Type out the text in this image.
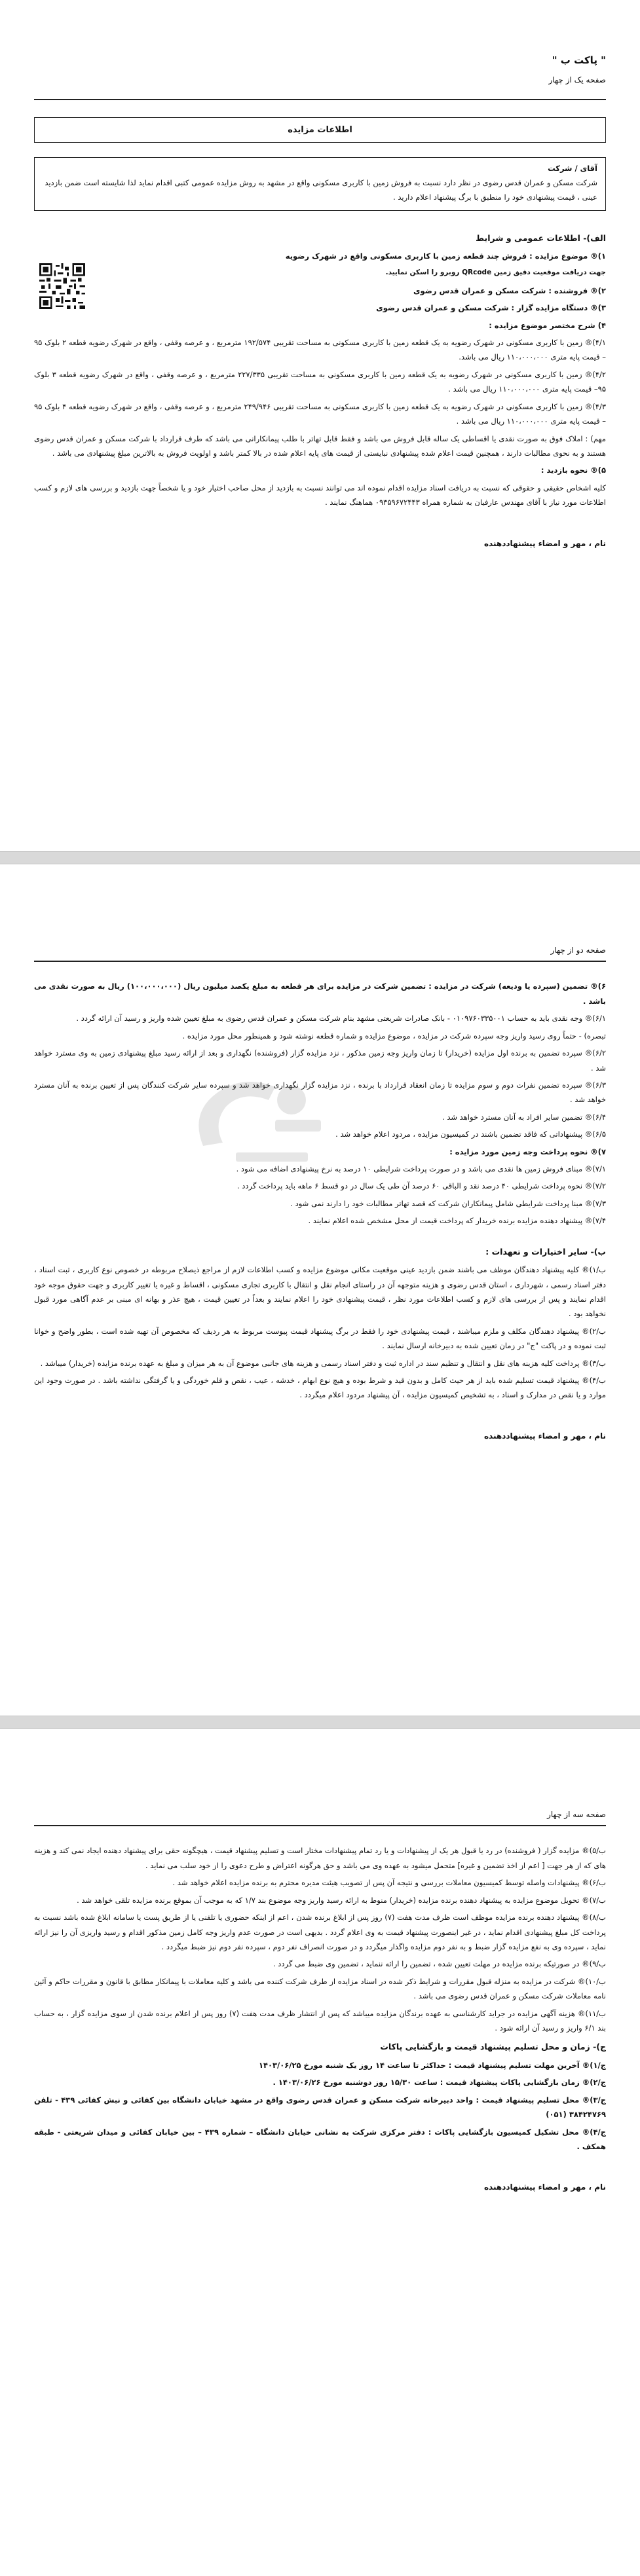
" پاکت ب "
صفحه یک از چهار
اطلاعات مزایده
آقای / شرکت
شرکت مسکن و عمران قدس رضوی در نظر دارد نسبت به فروش زمین با کاربری مسکونی واقع در مشهد به روش مزایده عمومی کتبی اقدام نماید لذا شایسته است ضمن بازدید عینی ، قیمت پیشنهادی خود را منطبق با برگ پیشنهاد اعلام دارید .
الف)- اطلاعات عمومی و شرایط
۱)® موضوع مزایده : فروش چند قطعه زمین با کاربری مسکونی واقع در شهرک رضویه
جهت دریافت موقعیت دقیق زمین QRcode روبرو را اسکن نمایید.
۲)® فروشنده : شرکت مسکن و عمران قدس رضوی
۳)® دستگاه مزایده گزار : شرکت مسکن و عمران قدس رضوی
۴) شرح مختصر موضوع مزایده :
۴/۱)® زمین با کاربری مسکونی در شهرک رضویه به یک قطعه زمین با کاربری مسکونی به مساحت تقریبی ۱۹۲/۵۷۴ مترمربع ، و عرصه وقفی ، واقع در شهرک رضویه قطعه ۲ بلوک ۹۵ – قیمت پایه متری ۱۱۰،۰۰۰،۰۰۰ ریال می باشد.
۴/۲)® زمین با کاربری مسکونی در شهرک رضویه به یک قطعه زمین با کاربری مسکونی به مساحت تقریبی ۲۲۷/۳۳۵ مترمربع ، و عرصه وقفی ، واقع در شهرک رضویه قطعه ۳ بلوک ۹۵– قیمت پایه متری ۱۱۰،۰۰۰،۰۰۰ ریال می باشد .
۴/۳)® زمین با کاربری مسکونی در شهرک رضویه به یک قطعه زمین با کاربری مسکونی به مساحت تقریبی ۲۴۹/۹۴۶ مترمربع ، و عرصه وقفی ، واقع در شهرک رضویه قطعه ۴ بلوک ۹۵ – قیمت پایه متری ۱۱۰،۰۰۰،۰۰۰ ریال می باشد .
مهم) : املاک فوق به صورت نقدی یا اقساطی یک ساله قابل فروش می باشد و فقط قابل تهاتر با طلب پیمانکارانی می باشد که طرف قرارداد با شرکت مسکن و عمران قدس رضوی هستند و به نحوی مطالبات دارند ، همچنین قیمت اعلام شده پیشنهادی نبایستی از قیمت های پایه اعلام شده در بالا کمتر باشد و اولویت فروش به بالاترین مبلغ پیشنهادی می باشد .
۵)® نحوه بازدید :
کلیه اشخاص حقیقی و حقوقی که نسبت به دریافت اسناد مزایده اقدام نموده اند می توانند نسبت به بازدید از محل صاحب اختیار خود و یا شخصاً جهت بازدید و بررسی های لازم و کسب اطلاعات مورد نیاز با آقای مهندس عارفیان به شماره همراه ۰۹۳۵۹۶۷۲۴۴۳ هماهنگ نمایند .
نام ، مهر و امضاء پیشنهاددهنده
صفحه دو از چهار
۶)® تضمین (سپرده یا ودیعه) شرکت در مزایده : تضمین شرکت در مزایده برای هر قطعه به مبلغ یکصد میلیون ریال (۱۰۰،۰۰۰،۰۰۰) ریال به صورت نقدی می باشد .
۶/۱)® وجه نقدی باید به حساب ۰۱۰۹۷۶۰۳۳۵۰۰۱ - بانک صادرات شریعتی مشهد بنام شرکت مسکن و عمران قدس رضوی به مبلغ تعیین شده واریز و رسید آن ارائه گردد .
تبصره) - حتماً روی رسید واریز وجه سپرده شرکت در مزایده ، موضوع مزایده و شماره قطعه نوشته شود و همینطور محل مورد مزایده .
۶/۲)® سپرده تضمین به برنده اول مزایده (خریدار) تا زمان واریز وجه زمین مذکور ، نزد مزایده گزار (فروشنده) نگهداری و بعد از ارائه رسید مبلغ پیشنهادی زمین به وی مسترد خواهد شد .
۶/۳)® سپرده تضمین نفرات دوم و سوم مزایده تا زمان انعقاد قرارداد با برنده ، نزد مزایده گزار نگهداری خواهد شد و سپرده سایر شرکت کنندگان پس از تعیین برنده به آنان مسترد خواهد شد .
۶/۴)® تضمین سایر افراد به آنان مسترد خواهد شد .
۶/۵)® پیشنهاداتی که فاقد تضمین باشند در کمیسیون مزایده ، مردود اعلام خواهد شد .
۷)® نحوه پرداخت وجه زمین مورد مزایده :
۷/۱)® مبنای فروش زمین ها نقدی می باشد و در صورت پرداخت شرایطی ۱۰ درصد به نرخ پیشنهادی اضافه می شود .
۷/۲)® نحوه پرداخت شرایطی ۴۰ درصد نقد و الباقی ۶۰ درصد آن طی یک سال در دو قسط ۶ ماهه باید پرداخت گردد .
۷/۳)® مبنا پرداخت شرایطی شامل پیمانکاران شرکت که قصد تهاتر مطالبات خود را دارند نمی شود .
۷/۴)® پیشنهاد دهنده مزایده برنده خریدار که پرداخت قیمت از محل مشخص شده اعلام نمایند .
ب)- سایر اختیارات و تعهدات :
ب/۱)® کلیه پیشنهاد دهندگان موظف می باشند ضمن بازدید عینی موقعیت مکانی موضوع مزایده و کسب اطلاعات لازم از مراجع ذیصلاح مربوطه در خصوص نوع کاربری ، ثبت اسناد ، دفتر اسناد رسمی ، شهرداری ، استان قدس رضوی و هزینه متوجهه آن در راستای انجام نقل و انتقال با کاربری تجاری مسکونی ، اقساط و غیره یا تغییر کاربری و جهت حقوق موجه خود اقدام نمایند و پس از بررسی های لازم و کسب اطلاعات مورد نظر ، قیمت پیشنهادی خود را اعلام نمایند و بعداً در تعیین قیمت ، هیچ عذر و بهانه ای مبنی بر عدم آگاهی مورد قبول نخواهد بود .
ب/۲)® پیشنهاد دهندگان مکلف و ملزم میباشند ، قیمت پیشنهادی خود را فقط در برگ پیشنهاد قیمت پیوست مربوط به هر ردیف که مخصوص آن تهیه شده است ، بطور واضح و خوانا ثبت نموده و در پاکت "ج" در زمان تعیین شده به دبیرخانه ارسال نمایند .
ب/۳)® پرداخت کلیه هزینه های نقل و انتقال و تنظیم سند در اداره ثبت و دفتر اسناد رسمی و هزینه های جانبی موضوع آن به هر میزان و مبلغ به عهده برنده مزایده (خریدار) میباشد .
ب/۴)® پیشنهاد قیمت تسلیم شده باید از هر حیث کامل و بدون قید و شرط بوده و هیچ نوع ابهام ، خدشه ، عیب ، نقص و قلم خوردگی و یا گرفتگی نداشته باشد . در صورت وجود این موارد و یا نقص در مدارک و اسناد ، به تشخیص کمیسیون مزایده ، آن پیشنهاد مردود اعلام میگردد .
نام ، مهر و امضاء پیشنهاددهنده
صفحه سه از چهار
ب/۵)® مزایده گزار ( فروشنده) در رد یا قبول هر یک از پیشنهادات و یا رد تمام پیشنهادات مختار است و تسلیم پیشنهاد قیمت ، هیچگونه حقی برای پیشنهاد دهنده ایجاد نمی کند و هزینه های که از هر جهت [ اعم از اخذ تضمین و غیره] متحمل میشود به عهده وی می باشد و حق هرگونه اعتراض و طرح دعوی را از خود سلب می نماید .
ب/۶)® پیشنهادات واصله توسط کمیسیون معاملات بررسی و نتیجه آن پس از تصویب هیئت مدیره محترم به برنده مزایده اعلام خواهد شد .
ب/۷)® تحویل موضوع مزایده به پیشنهاد دهنده برنده مزایده (خریدار) منوط به ارائه رسید واریز وجه موضوع بند ۱/۷ که به موجب آن بموقع برنده مزایده تلقی خواهد شد .
ب/۸)® پیشنهاد دهنده برنده مزایده موظف است ظرف مدت هفت (۷) روز پس از ابلاغ برنده شدن ، اعم از اینکه حضوری یا تلفنی یا از طریق پست یا سامانه ابلاغ شده باشد نسبت به پرداخت کل مبلغ پیشنهادی اقدام نماید ، در غیر اینصورت پیشنهاد قیمت به وی اعلام گردد . بدیهی است در صورت عدم واریز وجه کامل زمین مذکور اقدام و رسید واریزی آن را نیز ارائه نماید ، سپرده وی به نفع مزایده گزار ضبط و به نفر دوم مزایده واگذار میگردد و در صورت انصراف نفر دوم ، سپرده نفر دوم نیز ضبط میگردد .
ب/۹)® در صورتیکه برنده مزایده در مهلت تعیین شده ، تضمین را ارائه ننماید ، تضمین وی ضبط می گردد .
ب/۱۰)® شرکت در مزایده به منزله قبول مقررات و شرایط ذکر شده در اسناد مزایده از طرف شرکت کننده می باشد و کلیه معاملات با پیمانکار مطابق با قانون و مقررات حاکم و آئین نامه معاملات شرکت مسکن و عمران قدس رضوی می باشد .
ب/۱۱)® هزینه آگهی مزایده در جراید کارشناسی به عهده برندگان مزایده میباشد که پس از انتشار ظرف مدت هفت (۷) روز پس از اعلام برنده شدن از سوی مزایده گزار ، به حساب بند ۶/۱ واریز و رسید آن ارائه شود .
ج)- زمان و محل تسلیم پیشنهاد قیمت و بازگشایی پاکات
ج/۱)® آخرین مهلت تسلیم پیشنهاد قیمت : حداکثر تا ساعت ۱۴ روز یک شنبه مورخ ۱۴۰۳/۰۶/۲۵
ج/۲)® زمان بازگشایی پاکات پیشنهاد قیمت : ساعت ۱۵/۳۰ روز دوشنبه مورخ ۱۴۰۳/۰۶/۲۶ .
ج/۳)® محل تسلیم پیشنهاد قیمت : واحد دبیرخانه شرکت مسکن و عمران قدس رضوی واقع در مشهد خیابان دانشگاه بین کفائی و نبش کفائی ۴۳۹ - تلفن ۳۸۴۲۴۷۶۹ (۰۵۱)
ج/۴)® محل تشکیل کمیسیون بازگشایی پاکات : دفتر مرکزی شرکت به نشانی خیابان دانشگاه – شماره ۴۳۹ – بین خیابان کفائی و میدان شریعتی - طبقه همکف .
نام ، مهر و امضاء پیشنهاددهنده
